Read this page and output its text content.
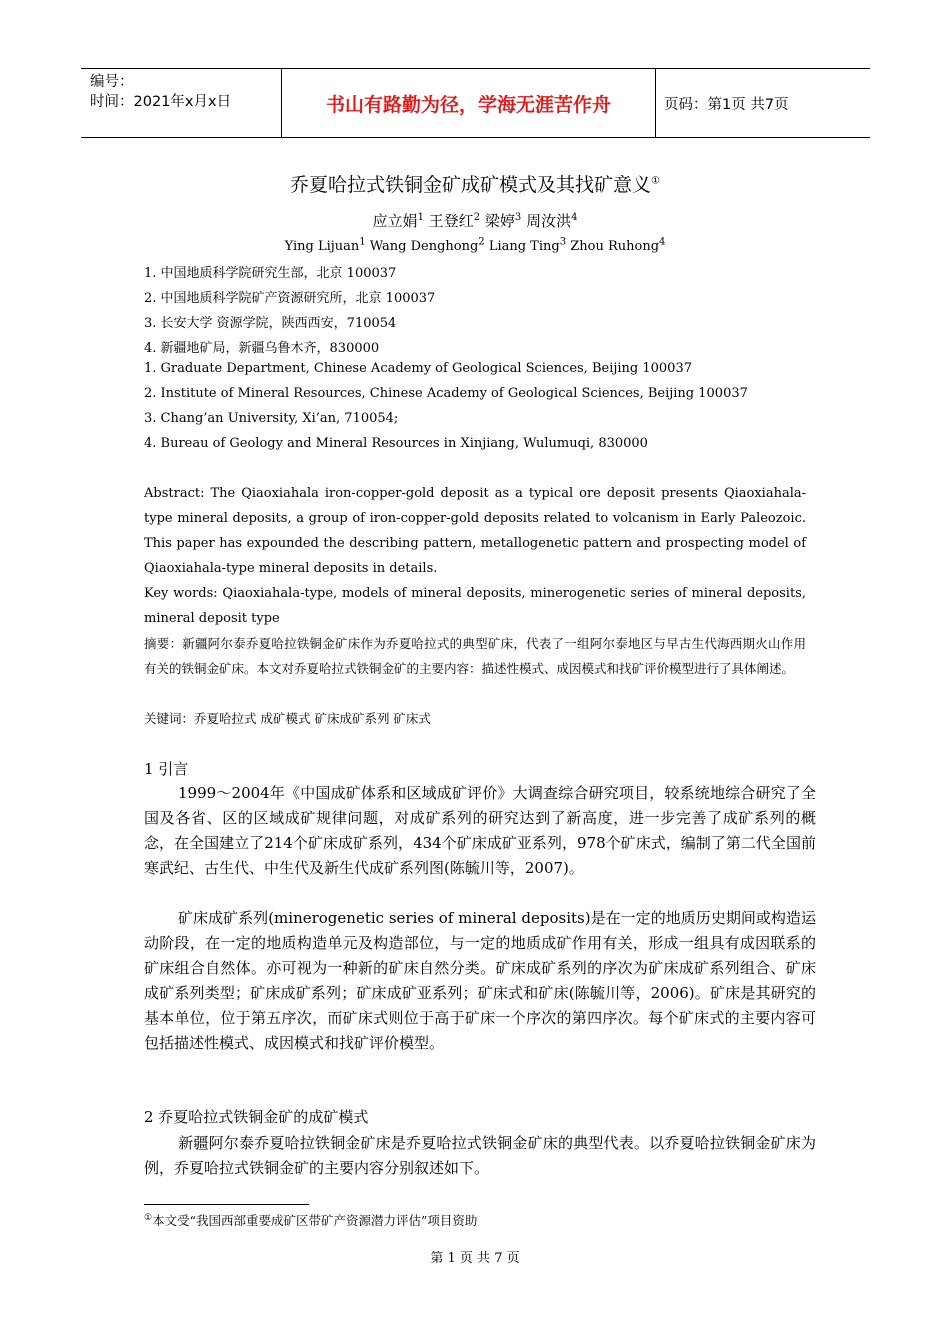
编号：
时间：2021年x月x日	书山有路勤为径，学海无涯苦作舟	页码：第1页 共7页
乔夏哈拉式铁铜金矿成矿模式及其找矿意义①
应立娟$^1$ 王登红$^2$ 梁婷$^3$ 周汝洪$^4$
Ying Lijuan$^1$ Wang Denghong$^2$ Liang Ting$^3$ Zhou Ruhong$^4$
1. 中国地质科学院研究生部，北京 100037
2. 中国地质科学院矿产资源研究所，北京 100037
3. 长安大学 资源学院，陕西西安，710054
4. 新疆地矿局，新疆乌鲁木齐，830000
1. Graduate Department, Chinese Academy of Geological Sciences, Beijing 100037
2. Institute of Mineral Resources, Chinese Academy of Geological Sciences, Beijing 100037
3. Chang’an University, Xi’an, 710054;
4. Bureau of Geology and Mineral Resources in Xinjiang, Wulumuqi, 830000
Abstract: The Qiaoxiahala iron-copper-gold deposit as a typical ore deposit presents Qiaoxiahala-type mineral deposits, a group of iron-copper-gold deposits related to volcanism in Early Paleozoic. This paper has expounded the describing pattern, metallogenetic pattern and prospecting model of Qiaoxiahala-type mineral deposits in details.
Key words: Qiaoxiahala-type, models of mineral deposits, minerogenetic series of mineral deposits, mineral deposit type
摘要：新疆阿尔泰乔夏哈拉铁铜金矿床作为乔夏哈拉式的典型矿床，代表了一组阿尔泰地区与早古生代海西期火山作用有关的铁铜金矿床。本文对乔夏哈拉式铁铜金矿的主要内容：描述性模式、成因模式和找矿评价模型进行了具体阐述。
关键词：乔夏哈拉式 成矿模式 矿床成矿系列 矿床式
1 引言
1999～2004年《中国成矿体系和区域成矿评价》大调查综合研究项目，较系统地综合研究了全国及各省、区的区域成矿规律问题，对成矿系列的研究达到了新高度，进一步完善了成矿系列的概念，在全国建立了214个矿床成矿系列，434个矿床成矿亚系列，978个矿床式，编制了第二代全国前寒武纪、古生代、中生代及新生代成矿系列图(陈毓川等，2007)。
矿床成矿系列(minerogenetic series of mineral deposits)是在一定的地质历史期间或构造运动阶段，在一定的地质构造单元及构造部位，与一定的地质成矿作用有关，形成一组具有成因联系的矿床组合自然体。亦可视为一种新的矿床自然分类。矿床成矿系列的序次为矿床成矿系列组合、矿床成矿系列类型；矿床成矿系列；矿床成矿亚系列；矿床式和矿床(陈毓川等，2006)。矿床是其研究的基本单位，位于第五序次，而矿床式则位于高于矿床一个序次的第四序次。每个矿床式的主要内容可包括描述性模式、成因模式和找矿评价模型。
2 乔夏哈拉式铁铜金矿的成矿模式
新疆阿尔泰乔夏哈拉铁铜金矿床是乔夏哈拉式铁铜金矿床的典型代表。以乔夏哈拉铁铜金矿床为例，乔夏哈拉式铁铜金矿的主要内容分别叙述如下。
①本文受“我国西部重要成矿区带矿产资源潜力评估”项目资助
第 1 页 共 7 页
